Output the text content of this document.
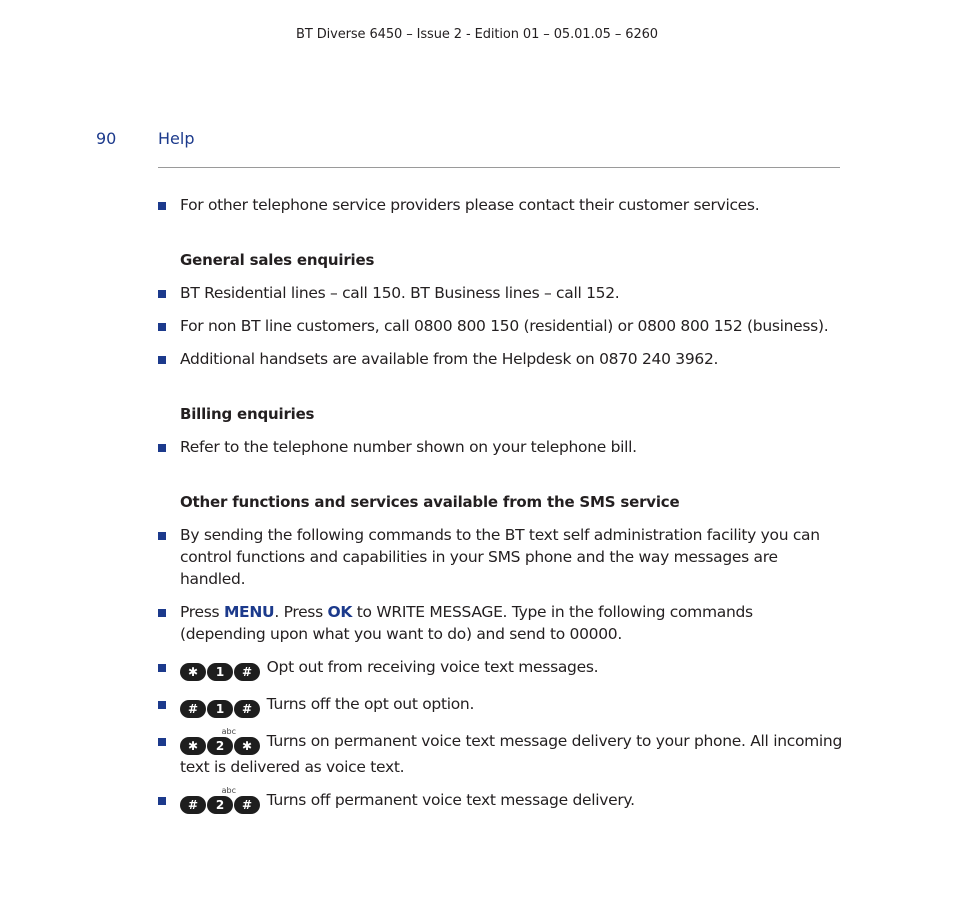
BT Diverse 6450 – Issue 2 - Edition 01 – 05.01.05 – 6260
90	Help

For other telephone service providers please contact their customer services.

General sales enquiries

BT Residential lines – call 150. BT Business lines – call 152.

For non BT line customers, call 0800 800 150 (residential) or 0800 800 152 (business).

Additional handsets are available from the Helpdesk on 0870 240 3962.

Billing enquiries

Refer to the telephone number shown on your telephone bill.

Other functions and services available from the SMS service

By sending the following commands to the BT text self administration facility you can control functions and capabilities in your SMS phone and the way messages are handled.

Press MENU. Press OK to WRITE MESSAGE. Type in the following commands (depending upon what you want to do) and send to 00000.

✱ 1 # Opt out from receiving voice text messages.

# 1 # Turns off the opt out option.

✱ 2
abc
✱ Turns on permanent voice text message delivery to your phone. All incoming text is delivered as voice text.

# 2
abc
# Turns off permanent voice text message delivery.
